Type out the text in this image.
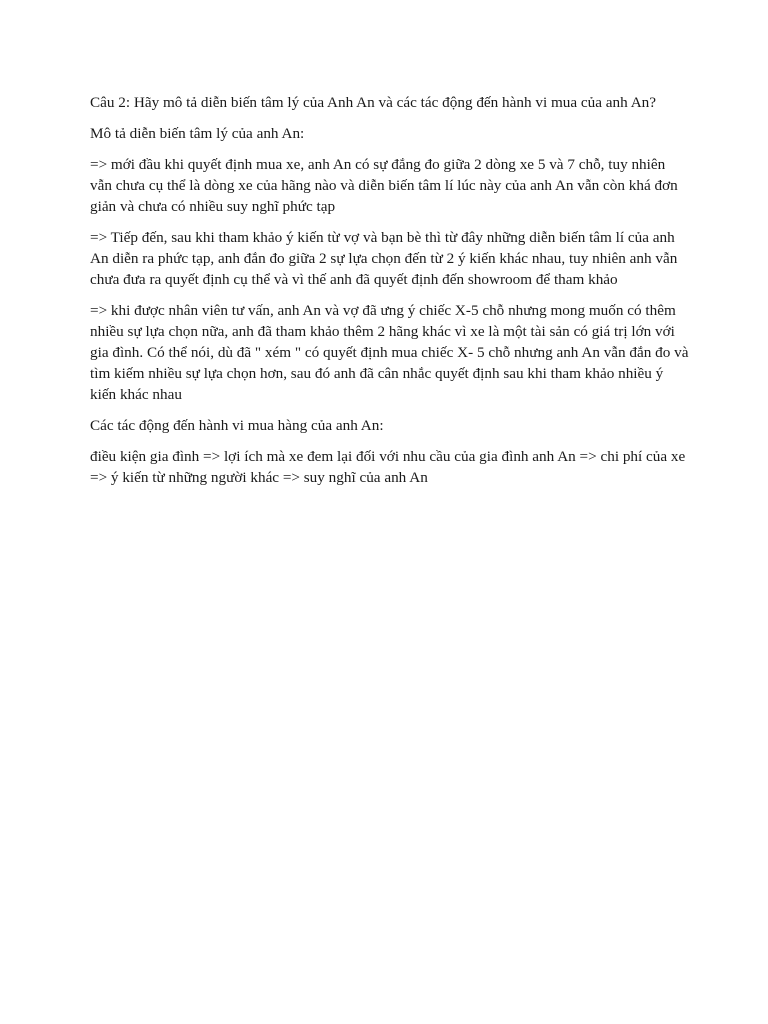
Câu 2: Hãy mô tả diễn biến tâm lý của Anh An và các tác động đến hành vi mua của anh An?

Mô tả diễn biến tâm lý của anh An:

=> mới đầu khi quyết định mua xe, anh An có sự đắng đo giữa 2 dòng xe 5 và 7 chỗ, tuy nhiên vẫn chưa cụ thể là dòng xe của hãng nào và diễn biến tâm lí lúc này của anh An vẫn còn khá đơn giản và chưa có nhiều suy nghĩ phức tạp

=> Tiếp đến, sau khi tham khảo ý kiến từ vợ và bạn bè thì từ đây những diễn biến tâm lí của anh An diễn ra phức tạp, anh đắn đo giữa 2 sự lựa chọn đến từ 2 ý kiến khác nhau, tuy nhiên anh vẫn chưa đưa ra quyết định cụ thể và vì thế anh đã quyết định đến showroom để tham khảo

=> khi được nhân viên tư vấn, anh An và vợ đã ưng ý chiếc X-5 chỗ nhưng mong muốn có thêm nhiều sự lựa chọn nữa, anh đã tham khảo thêm 2 hãng khác vì xe là một tài sản có giá trị lớn với gia đình. Có thể nói, dù đã " xém " có quyết định mua chiếc X- 5 chỗ nhưng anh An vẫn đắn đo và tìm kiếm nhiều sự lựa chọn hơn, sau đó anh đã cân nhắc quyết định sau khi tham khảo nhiều ý kiến khác nhau

Các tác động đến hành vi mua hàng của anh An:

điều kiện gia đình => lợi ích mà xe đem lại đối với nhu cầu của gia đình anh An => chi phí của xe => ý kiến từ những người khác => suy nghĩ của anh An
